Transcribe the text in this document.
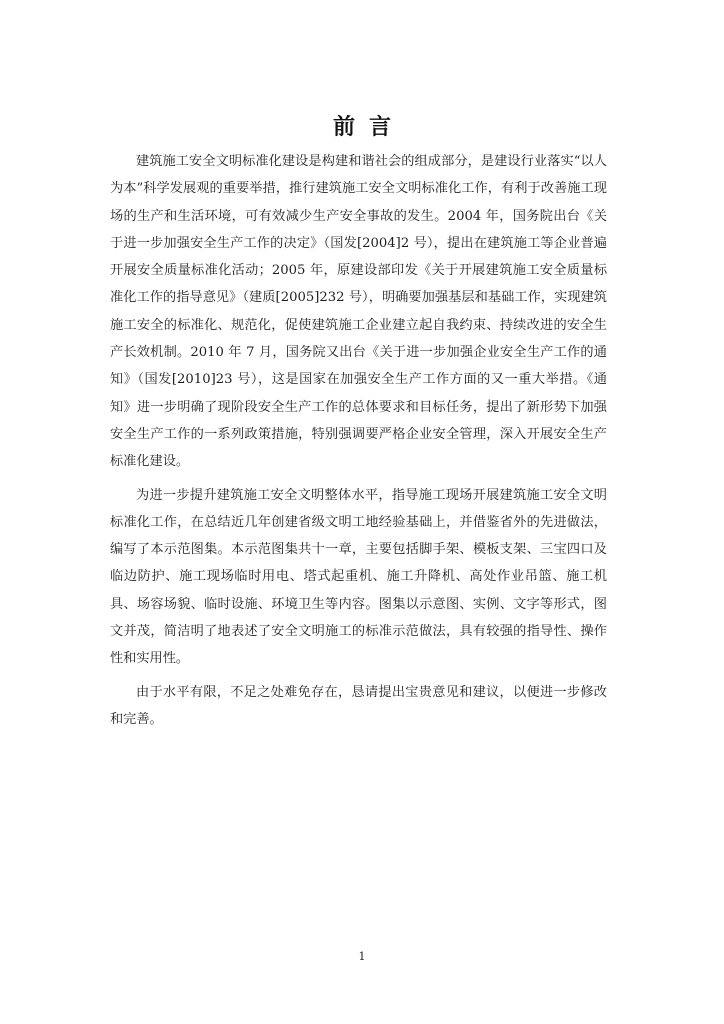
前言

建筑施工安全文明标准化建设是构建和谐社会的组成部分，是建设行业落实“以人为本”科学发展观的重要举措，推行建筑施工安全文明标准化工作，有利于改善施工现场的生产和生活环境，可有效减少生产安全事故的发生。2004 年，国务院出台《关于进一步加强安全生产工作的决定》（国发[2004]2 号），提出在建筑施工等企业普遍开展安全质量标准化活动；2005 年，原建设部印发《关于开展建筑施工安全质量标准化工作的指导意见》（建质[2005]232 号），明确要加强基层和基础工作，实现建筑施工安全的标准化、规范化，促使建筑施工企业建立起自我约束、持续改进的安全生产长效机制。2010 年 7 月，国务院又出台《关于进一步加强企业安全生产工作的通知》（国发[2010]23 号），这是国家在加强安全生产工作方面的又一重大举措。《通知》进一步明确了现阶段安全生产工作的总体要求和目标任务，提出了新形势下加强安全生产工作的一系列政策措施，特别强调要严格企业安全管理，深入开展安全生产标准化建设。

为进一步提升建筑施工安全文明整体水平，指导施工现场开展建筑施工安全文明标准化工作，在总结近几年创建省级文明工地经验基础上，并借鉴省外的先进做法，编写了本示范图集。本示范图集共十一章，主要包括脚手架、模板支架、三宝四口及临边防护、施工现场临时用电、塔式起重机、施工升降机、高处作业吊篮、施工机具、场容场貌、临时设施、环境卫生等内容。图集以示意图、实例、文字等形式，图文并茂，简洁明了地表述了安全文明施工的标准示范做法，具有较强的指导性、操作性和实用性。

由于水平有限，不足之处难免存在，恳请提出宝贵意见和建议，以便进一步修改和完善。

1
